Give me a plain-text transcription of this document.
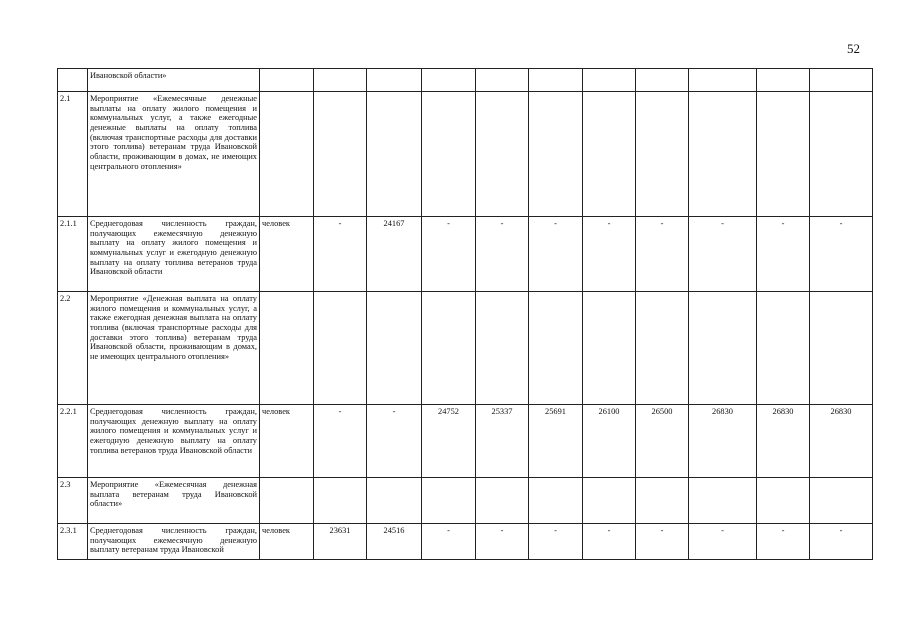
52
	Ивановской области»											
2.1	Мероприятие «Ежемесячные денежные выплаты на оплату жилого помещения и коммунальных услуг, а также ежегодные денежные выплаты на оплату топлива (включая транспортные расходы для доставки этого топлива) ветеранам труда Ивановской области, проживающим в домах, не имеющих центрального отопления»											
2.1.1	Среднегодовая численность граждан, получающих ежемесячную денежную выплату на оплату жилого помещения и коммунальных услуг и ежегодную денежную выплату на оплату топлива ветеранов труда Ивановской области	человек	-	24167	-	-	-	-	-	-	-	-
2.2	Мероприятие «Денежная выплата на оплату жилого помещения и коммунальных услуг, а также ежегодная денежная выплата на оплату топлива (включая транспортные расходы для доставки этого топлива) ветеранам труда Ивановской области, проживающим в домах, не имеющих центрального отопления»											
2.2.1	Среднегодовая численность граждан, получающих денежную выплату на оплату жилого помещения и коммунальных услуг и ежегодную денежную выплату на оплату топлива ветеранов труда Ивановской области	человек	-	-	24752	25337	25691	26100	26500	26830	26830	26830
2.3	Мероприятие «Ежемесячная денежная выплата ветеранам труда Ивановской области»											
2.3.1	Среднегодовая численность граждан, получающих ежемесячную денежную выплату ветеранам труда Ивановской	человек	23631	24516	-	-	-	-	-	-	-	-
